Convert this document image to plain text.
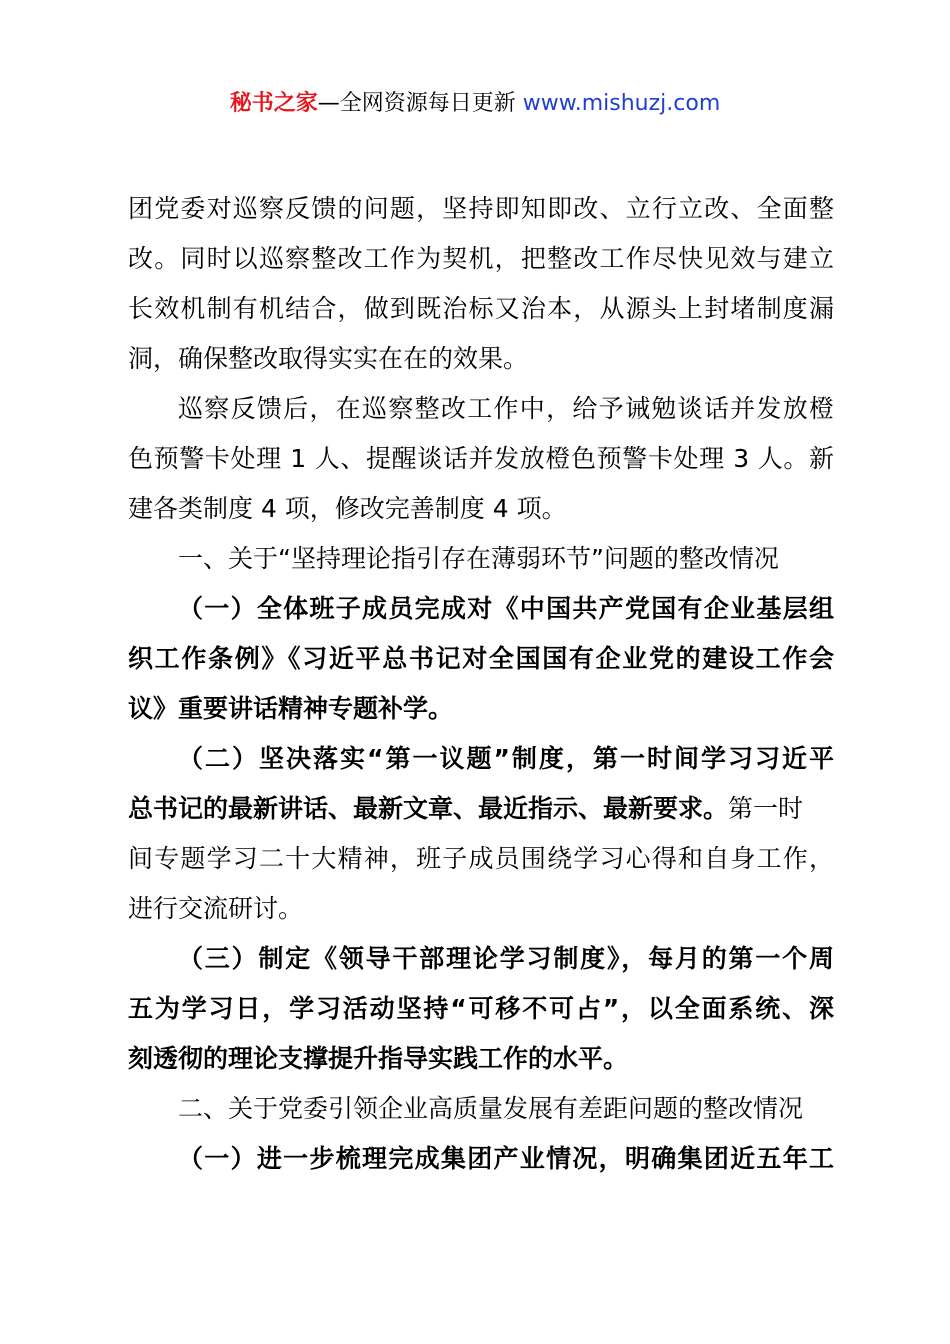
秘书之家—全网资源每日更新 www.mishuzj.com
团党委对巡察反馈的问题，坚持即知即改、立行立改、全面整
改。同时以巡察整改工作为契机，把整改工作尽快见效与建立
长效机制有机结合，做到既治标又治本，从源头上封堵制度漏
洞，确保整改取得实实在在的效果。
巡察反馈后，在巡察整改工作中，给予诫勉谈话并发放橙
色预警卡处理 1 人、提醒谈话并发放橙色预警卡处理 3 人。新
建各类制度 4 项，修改完善制度 4 项。
一、关于“坚持理论指引存在薄弱环节”问题的整改情况
（一）全体班子成员完成对《中国共产党国有企业基层组
织工作条例》《习近平总书记对全国国有企业党的建设工作会
议》重要讲话精神专题补学。
（二）坚决落实“第一议题”制度，第一时间学习习近平
总书记的最新讲话、最新文章、最近指示、最新要求。第一时
间专题学习二十大精神，班子成员围绕学习心得和自身工作，
进行交流研讨。
（三）制定《领导干部理论学习制度》，每月的第一个周
五为学习日，学习活动坚持“可移不可占”，以全面系统、深
刻透彻的理论支撑提升指导实践工作的水平。
二、关于党委引领企业高质量发展有差距问题的整改情况
（一）进一步梳理完成集团产业情况，明确集团近五年工
